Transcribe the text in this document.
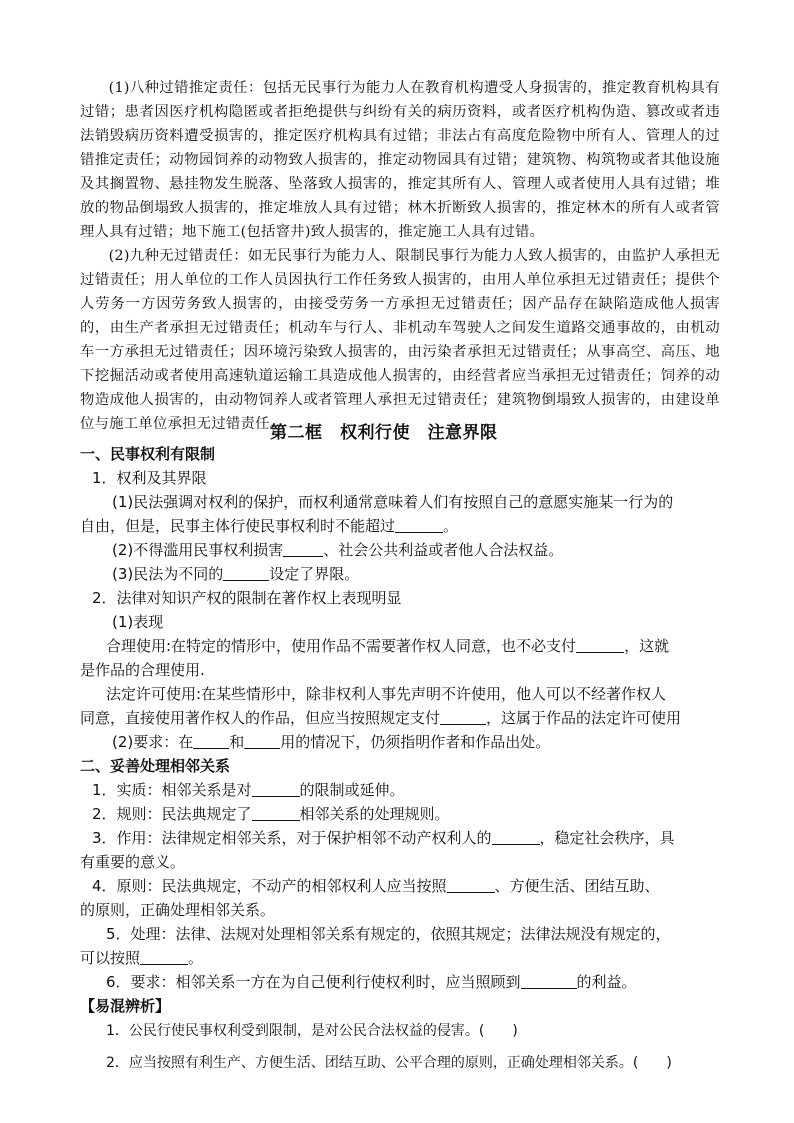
(1)八种过错推定责任：包括无民事行为能力人在教育机构遭受人身损害的，推定教育机构具有过错；患者因医疗机构隐匿或者拒绝提供与纠纷有关的病历资料，或者医疗机构伪造、篡改或者违法销毁病历资料遭受损害的，推定医疗机构具有过错；非法占有高度危险物中所有人、管理人的过错推定责任；动物园饲养的动物致人损害的，推定动物园具有过错；建筑物、构筑物或者其他设施及其搁置物、悬挂物发生脱落、坠落致人损害的，推定其所有人、管理人或者使用人具有过错；堆放的物品倒塌致人损害的，推定堆放人具有过错；林木折断致人损害的，推定林木的所有人或者管理人具有过错；地下施工(包括窨井)致人损害的，推定施工人具有过错。

(2)九种无过错责任：如无民事行为能力人、限制民事行为能力人致人损害的，由监护人承担无过错责任；用人单位的工作人员因执行工作任务致人损害的，由用人单位承担无过错责任；提供个人劳务一方因劳务致人损害的，由接受劳务一方承担无过错责任；因产品存在缺陷造成他人损害的，由生产者承担无过错责任；机动车与行人、非机动车驾驶人之间发生道路交通事故的，由机动车一方承担无过错责任；因环境污染致人损害的，由污染者承担无过错责任；从事高空、高压、地下挖掘活动或者使用高速轨道运输工具造成他人损害的，由经营者应当承担无过错责任；饲养的动物造成他人损害的，由动物饲养人或者管理人承担无过错责任；建筑物倒塌致人损害的，由建设单位与施工单位承担无过错责任。

第二框　权利行使　注意界限
一、民事权利有限制
1．权利及其界限
(1)民法强调对权利的保护，而权利通常意味着人们有按照自己的意愿实施某一行为的
自由，但是，民事主体行使民事权利时不能超过	。
(2)不得滥用民事权利损害	、社会公共利益或者他人合法权益。
(3)民法为不同的	设定了界限。
2．法律对知识产权的限制在著作权上表现明显
(1)表现
合理使用:在特定的情形中，使用作品不需要著作权人同意，也不必支付	，这就
是作品的合理使用.
法定许可使用:在某些情形中，除非权利人事先声明不许使用，他人可以不经著作权人
同意，直接使用著作权人的作品，但应当按照规定支付	，这属于作品的法定许可使用
(2)要求：在 和 用的情况下，仍须指明作者和作品出处。
二、妥善处理相邻关系
1．实质：相邻关系是对	的限制或延伸。
2．规则：民法典规定了	相邻关系的处理规则。
3．作用：法律规定相邻关系，对于保护相邻不动产权利人的	，稳定社会秩序，具
有重要的意义。
4．原则：民法典规定，不动产的相邻权利人应当按照	、方便生活、团结互助、
的原则，正确处理相邻关系。
5．处理：法律、法规对处理相邻关系有规定的，依照其规定；法律法规没有规定的，
可以按照	。
6．要求：相邻关系一方在为自己便利行使权利时，应当照顾到	的利益。
【易混辨析】
1．公民行使民事权利受到限制，是对公民合法权益的侵害。(　　)
2．应当按照有利生产、方便生活、团结互助、公平合理的原则，正确处理相邻关系。(　　)
